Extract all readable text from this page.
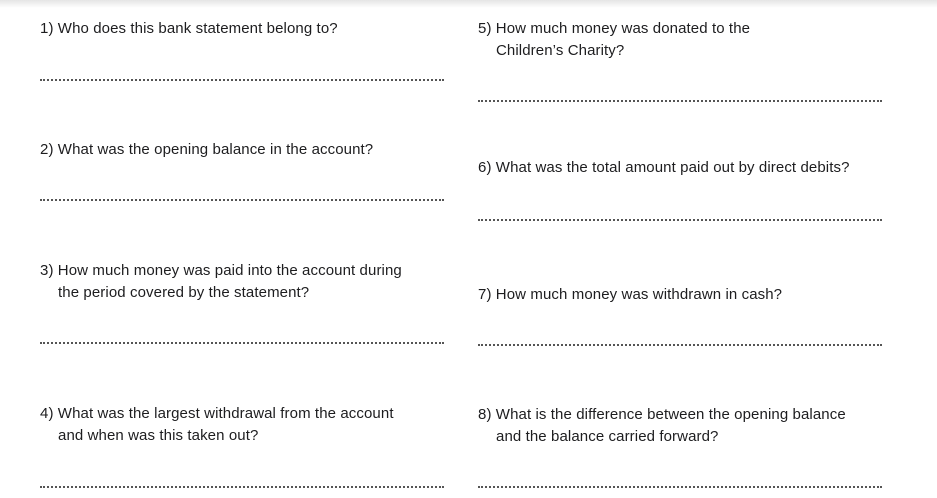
1) Who does this bank statement belong to?
2) What was the opening balance in the account?
3) How much money was paid into the account during
the period covered by the statement?
4) What was the largest withdrawal from the account
and when was this taken out?
5) How much money was donated to the
Children’s Charity?
6) What was the total amount paid out by direct debits?
7) How much money was withdrawn in cash?
8) What is the difference between the opening balance
and the balance carried forward?
